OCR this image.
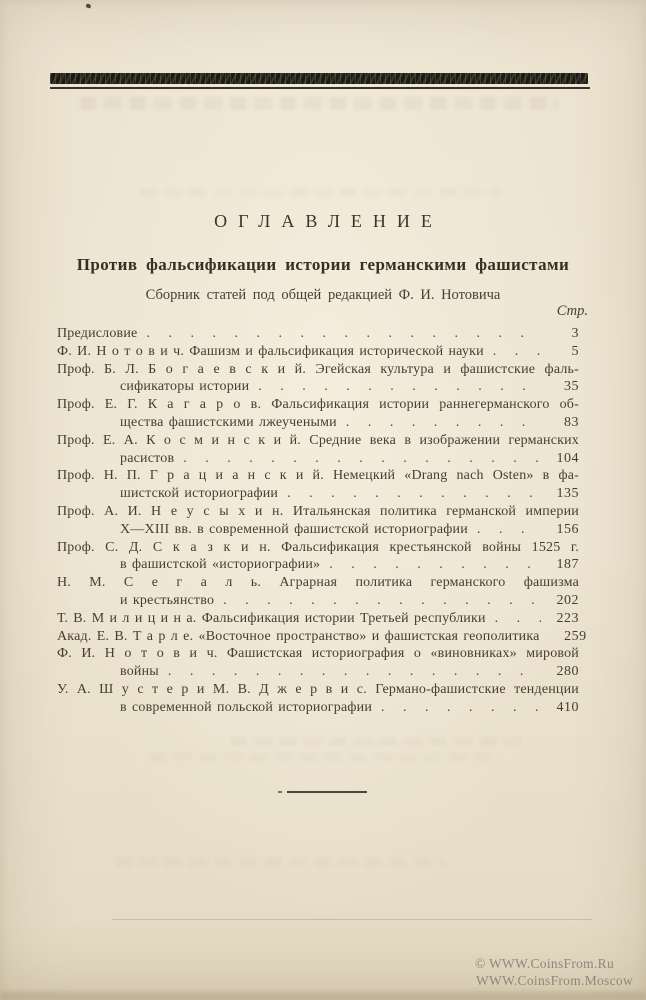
ОГЛАВЛЕНИЕ
Против фальсификации истории германскими фашистами
Сборник статей под общей редакцией Ф. И. Нотовича
Стр.
Предисловие . . .	3
Ф. И. Н о т о в и ч. Фашизм и фальсификация исторической науки . . .	5
Проф. Б. Л. Б о г а е в с к и й. Эгейская культура и фашистские фаль-
сификаторы истории . . .	35
Проф. Е. Г. К а г а р о в. Фальсификация истории раннегерманского об-
щества фашистскими лжеучеными . . .	83
Проф. Е. А. К о с м и н с к и й. Средние века в изображении германских
расистов . . .	104
Проф. Н. П. Г р а ц и а н с к и й. Немецкий «Drang nach Osten» в фа-
шистской историографии . . .	135
Проф. А. И. Н е у с ы х и н. Итальянская политика германской империи
X—XIII вв. в современной фашистской историографии . . .	156
Проф. С. Д. С к а з к и н. Фальсификация крестьянской войны 1525 г.
в фашистской «историографии» . . .	187
Н. М. С е г а л ь. Аграрная политика германского фашизма
и крестьянство . . .	202
Т. В. М и л и ц и н а. Фальсификация истории Третьей республики . . .	223
Акад. Е. В. Т а р л е. «Восточное пространство» и фашистская геополитика	259
Ф. И. Н о т о в и ч. Фашистская историография о «виновниках» мировой
войны . . .	280
У. А. Ш у с т е р и М. В. Д ж е р в и с. Германо-фашистские тенденции
в современной польской историографии . . .	410
© WWW.CoinsFrom.Ru
WWW.CoinsFrom.Moscow
